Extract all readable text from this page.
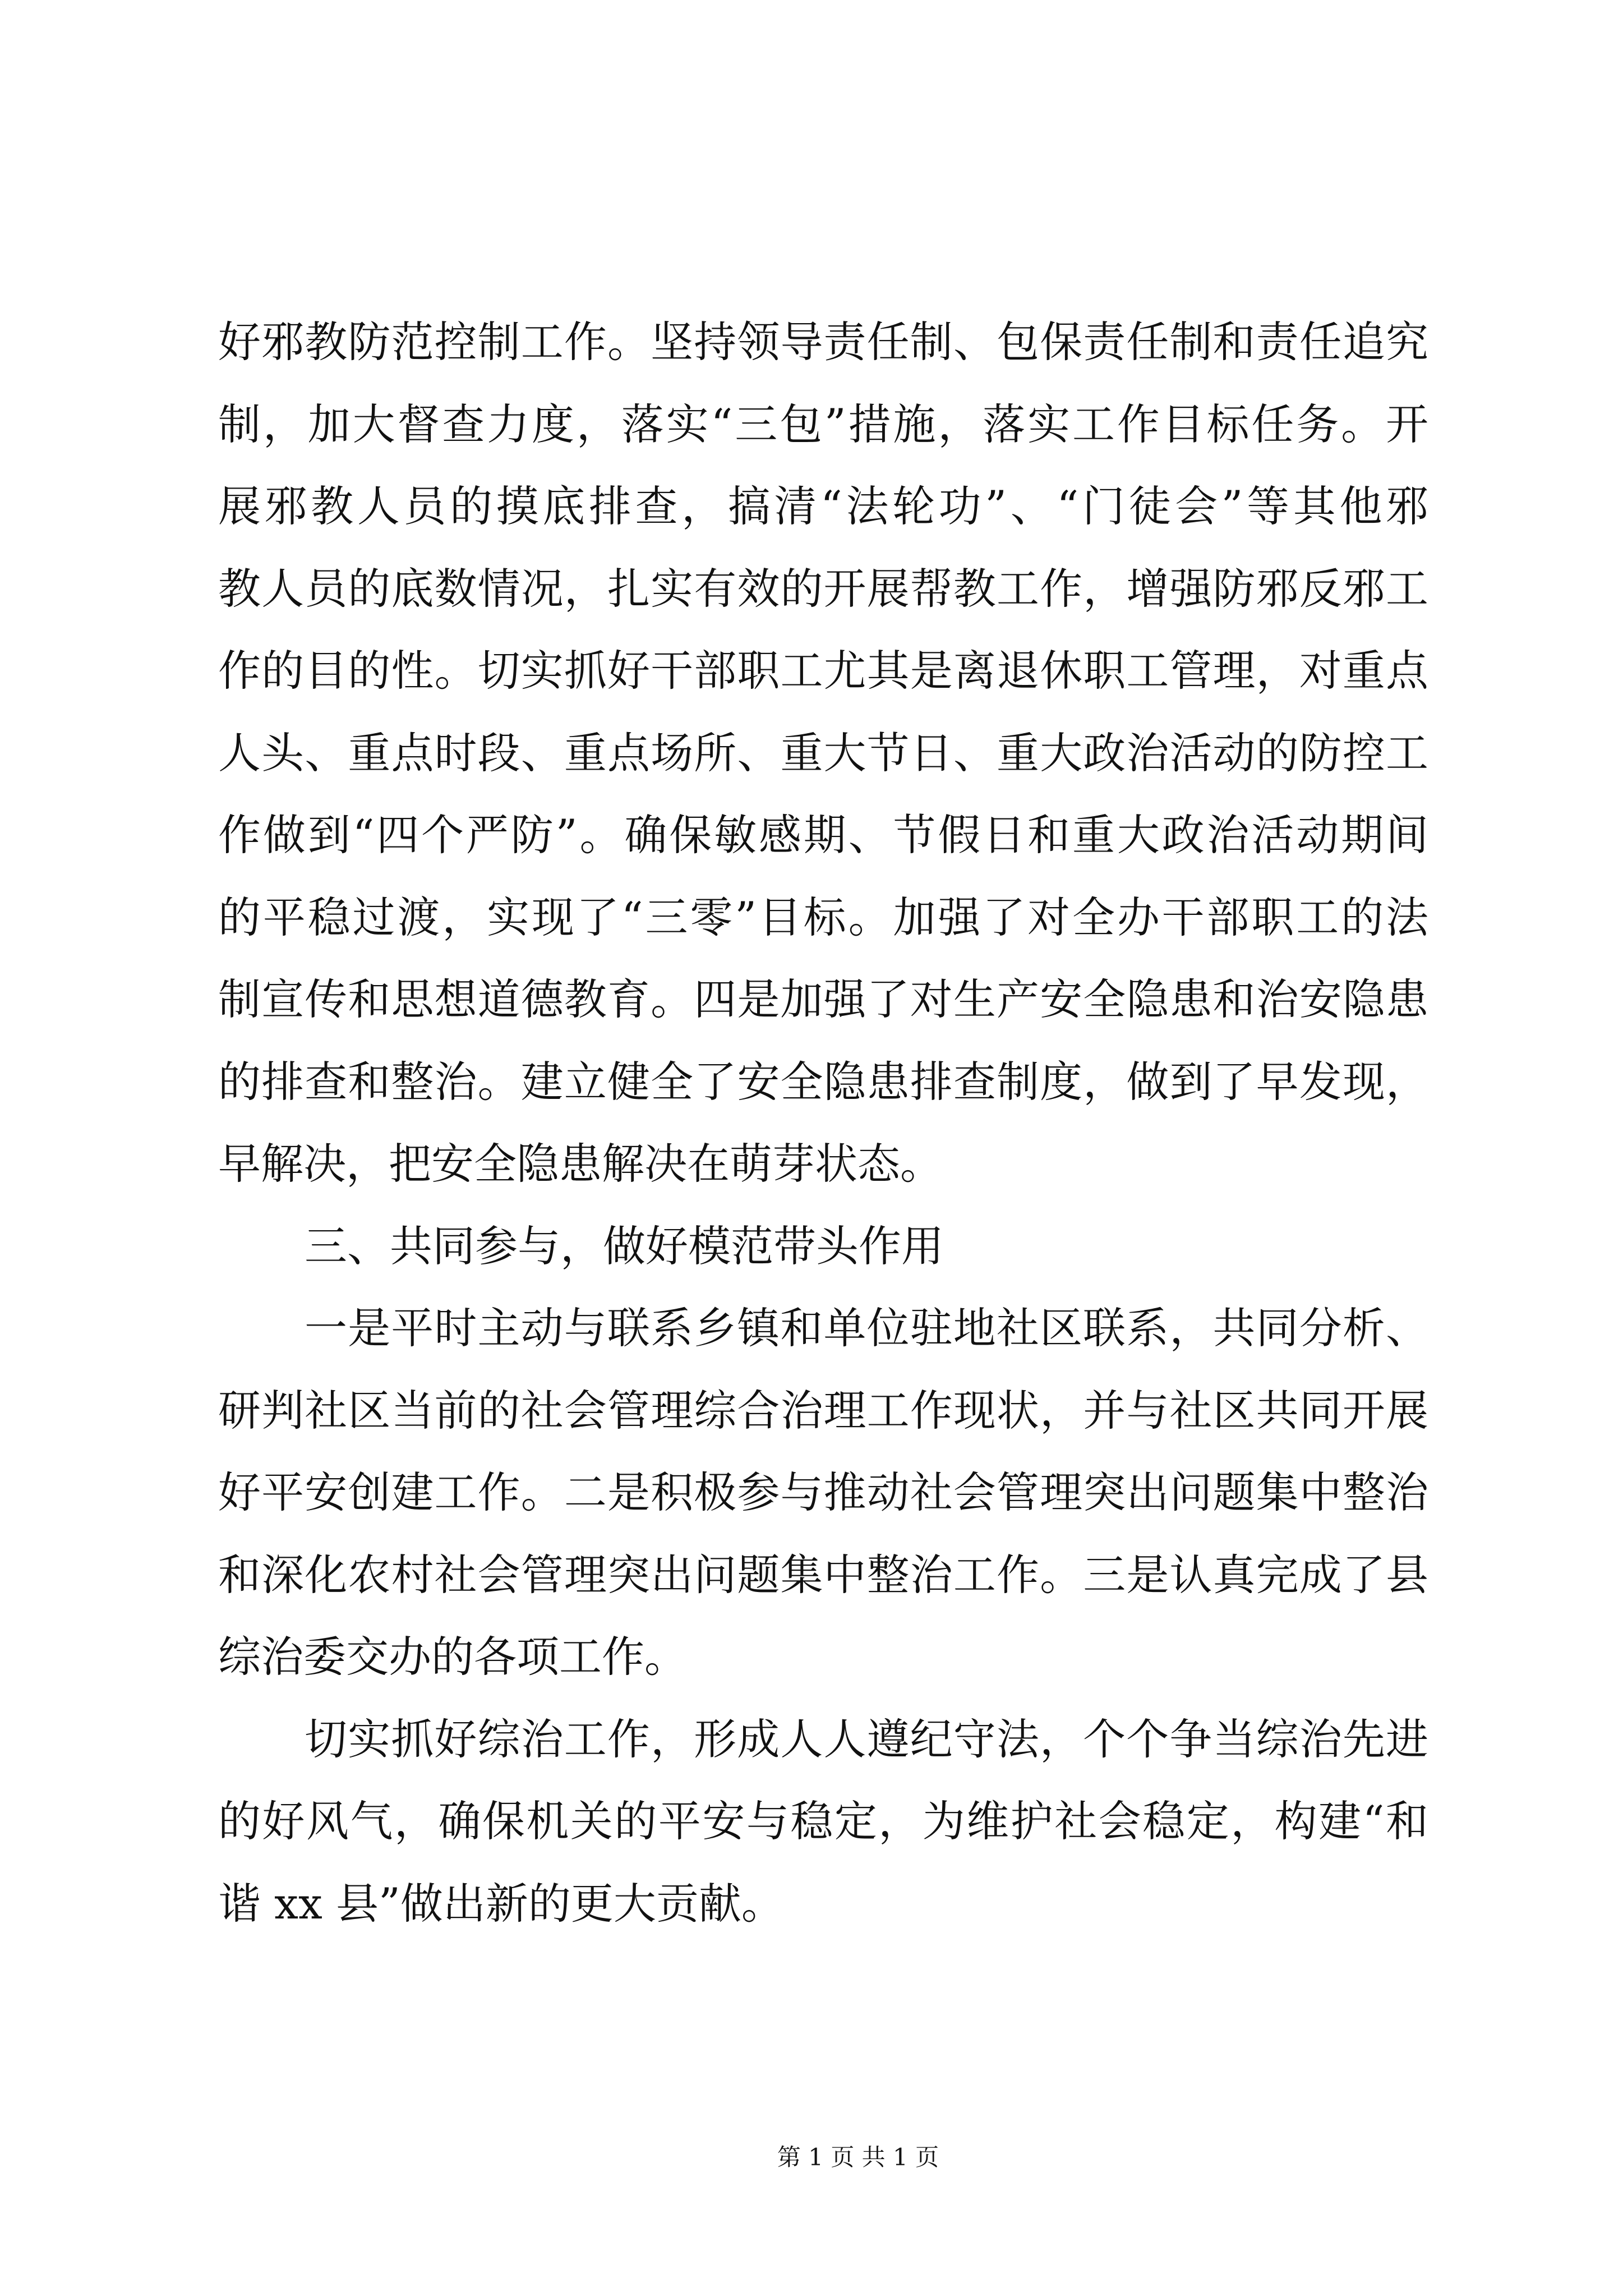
好邪教防范控制工作。坚持领导责任制、包保责任制和责任追究
制，加大督查力度，落实“三包”措施，落实工作目标任务。开
展邪教人员的摸底排查，搞清“法轮功”、“门徒会”等其他邪
教人员的底数情况，扎实有效的开展帮教工作，增强防邪反邪工
作的目的性。切实抓好干部职工尤其是离退休职工管理，对重点
人头、重点时段、重点场所、重大节日、重大政治活动的防控工
作做到“四个严防”。确保敏感期、节假日和重大政治活动期间
的平稳过渡，实现了“三零”目标。加强了对全办干部职工的法
制宣传和思想道德教育。四是加强了对生产安全隐患和治安隐患
的排查和整治。建立健全了安全隐患排查制度，做到了早发现，
早解决，把安全隐患解决在萌芽状态。
三、共同参与，做好模范带头作用
一是平时主动与联系乡镇和单位驻地社区联系，共同分析、
研判社区当前的社会管理综合治理工作现状，并与社区共同开展
好平安创建工作。二是积极参与推动社会管理突出问题集中整治
和深化农村社会管理突出问题集中整治工作。三是认真完成了县
综治委交办的各项工作。
切实抓好综治工作，形成人人遵纪守法，个个争当综治先进
的好风气，确保机关的平安与稳定，为维护社会稳定，构建“和
谐 xx 县”做出新的更大贡献。
第 1 页 共 1 页
